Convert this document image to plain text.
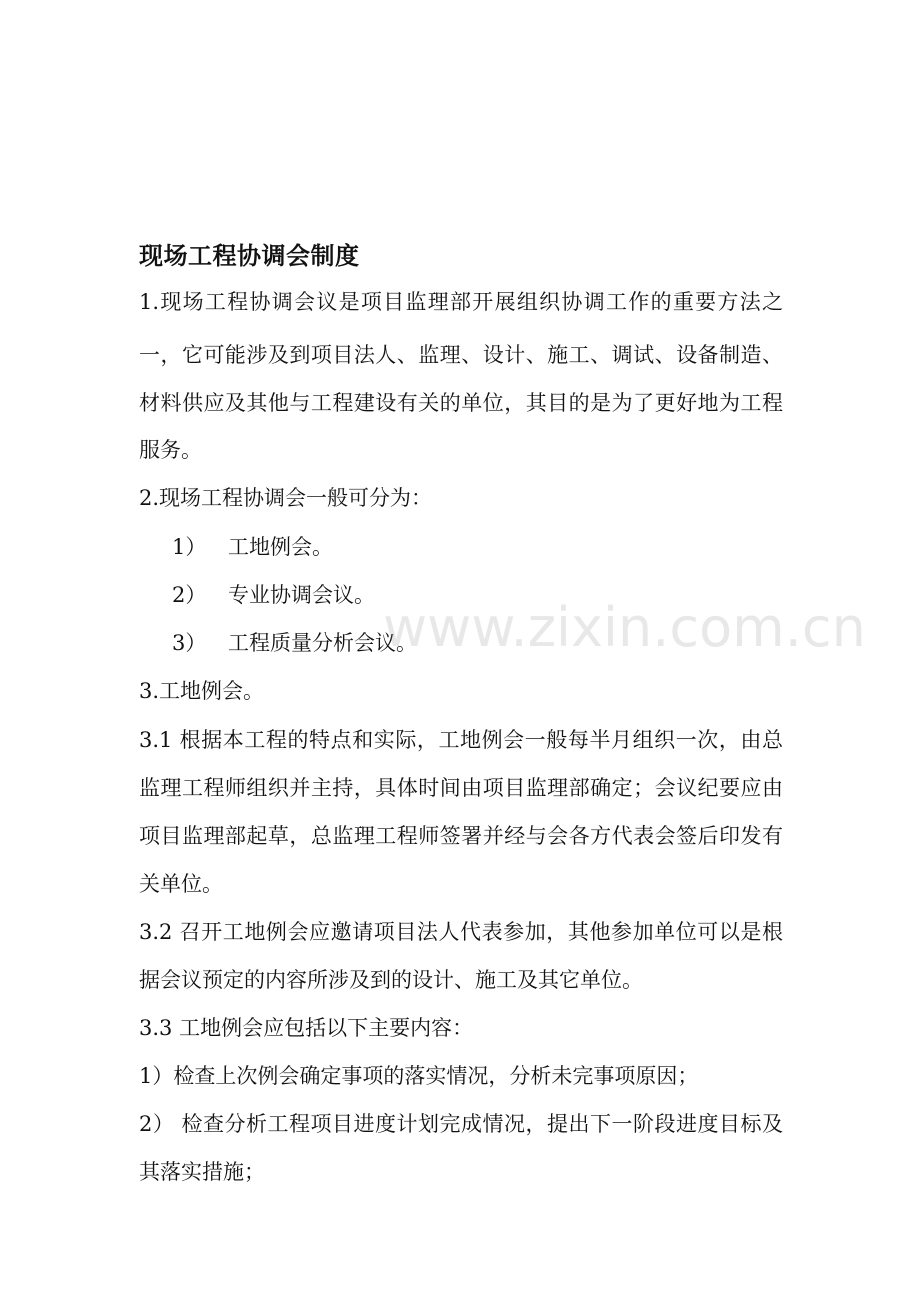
现场工程协调会制度
1.现场工程协调会议是项目监理部开展组织协调工作的重要方法之
一，它可能涉及到项目法人、监理、设计、施工、调试、设备制造、
材料供应及其他与工程建设有关的单位，其目的是为了更好地为工程
服务。
2.现场工程协调会一般可分为：
1） 工地例会。
2） 专业协调会议。
3） 工程质量分析会议。
3.工地例会。
3.1 根据本工程的特点和实际，工地例会一般每半月组织一次，由总
监理工程师组织并主持，具体时间由项目监理部确定；会议纪要应由
项目监理部起草，总监理工程师签署并经与会各方代表会签后印发有
关单位。
3.2 召开工地例会应邀请项目法人代表参加，其他参加单位可以是根
据会议预定的内容所涉及到的设计、施工及其它单位。
3.3 工地例会应包括以下主要内容：
1）检查上次例会确定事项的落实情况，分析未完事项原因；
2） 检查分析工程项目进度计划完成情况，提出下一阶段进度目标及
其落实措施；
www.zixin.com.cn
